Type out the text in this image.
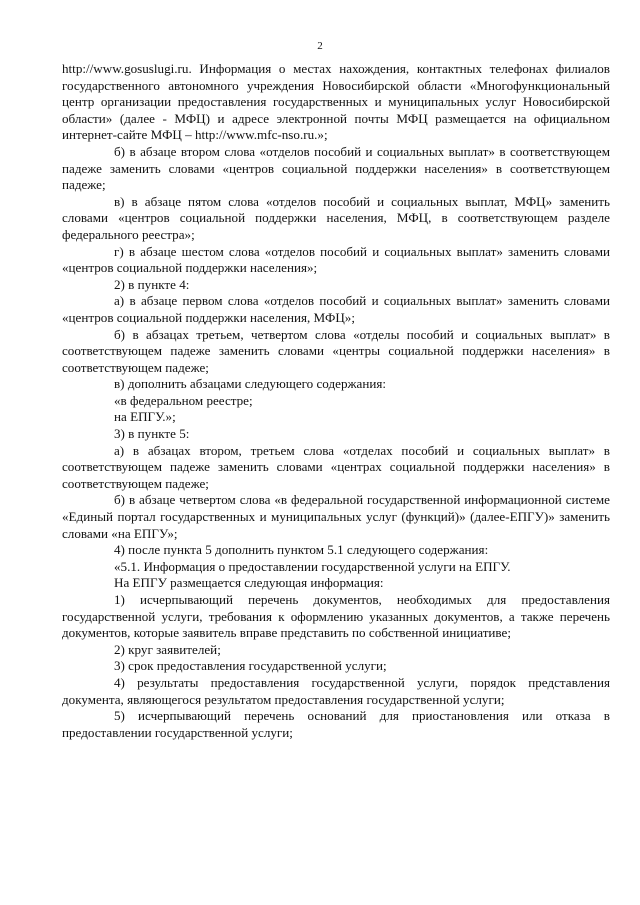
2

http://www.gosuslugi.ru. Информация о местах нахождения, контактных телефонах филиалов государственного автономного учреждения Новосибирской области «Многофункциональный центр организации предоставления государственных и муниципальных услуг Новосибирской области» (далее - МФЦ) и адресе электронной почты МФЦ размещается на официальном интернет-сайте МФЦ – http://www.mfc-nso.ru.»;

б) в абзаце втором слова «отделов пособий и социальных выплат» в соответствующем падеже заменить словами «центров социальной поддержки населения» в соответствующем падеже;

в) в абзаце пятом слова «отделов пособий и социальных выплат, МФЦ» заменить словами «центров социальной поддержки населения, МФЦ, в соответствующем разделе федерального реестра»;

г) в абзаце шестом слова «отделов пособий и социальных выплат» заменить словами «центров социальной поддержки населения»;

2) в пункте 4:

а) в абзаце первом слова «отделов пособий и социальных выплат» заменить словами «центров социальной поддержки населения, МФЦ»;

б) в абзацах третьем, четвертом слова «отделы пособий и социальных выплат» в соответствующем падеже заменить словами «центры социальной поддержки населения» в соответствующем падеже;

в) дополнить абзацами следующего содержания:

«в федеральном реестре;

на ЕПГУ.»;

3) в пункте 5:

а) в абзацах втором, третьем слова «отделах пособий и социальных выплат» в соответствующем падеже заменить словами «центрах социальной поддержки населения» в соответствующем падеже;

б) в абзаце четвертом слова «в федеральной государственной информационной системе «Единый портал государственных и муниципальных услуг (функций)» (далее-ЕПГУ)» заменить словами «на ЕПГУ»;

4) после пункта 5 дополнить пунктом 5.1 следующего содержания:

«5.1. Информация о предоставлении государственной услуги на ЕПГУ.

На ЕПГУ размещается следующая информация:

1) исчерпывающий перечень документов, необходимых для предоставления государственной услуги, требования к оформлению указанных документов, а также перечень документов, которые заявитель вправе представить по собственной инициативе;

2) круг заявителей;

3) срок предоставления государственной услуги;

4) результаты предоставления государственной услуги, порядок представления документа, являющегося результатом предоставления государственной услуги;

5) исчерпывающий перечень оснований для приостановления или отказа в предоставлении государственной услуги;
